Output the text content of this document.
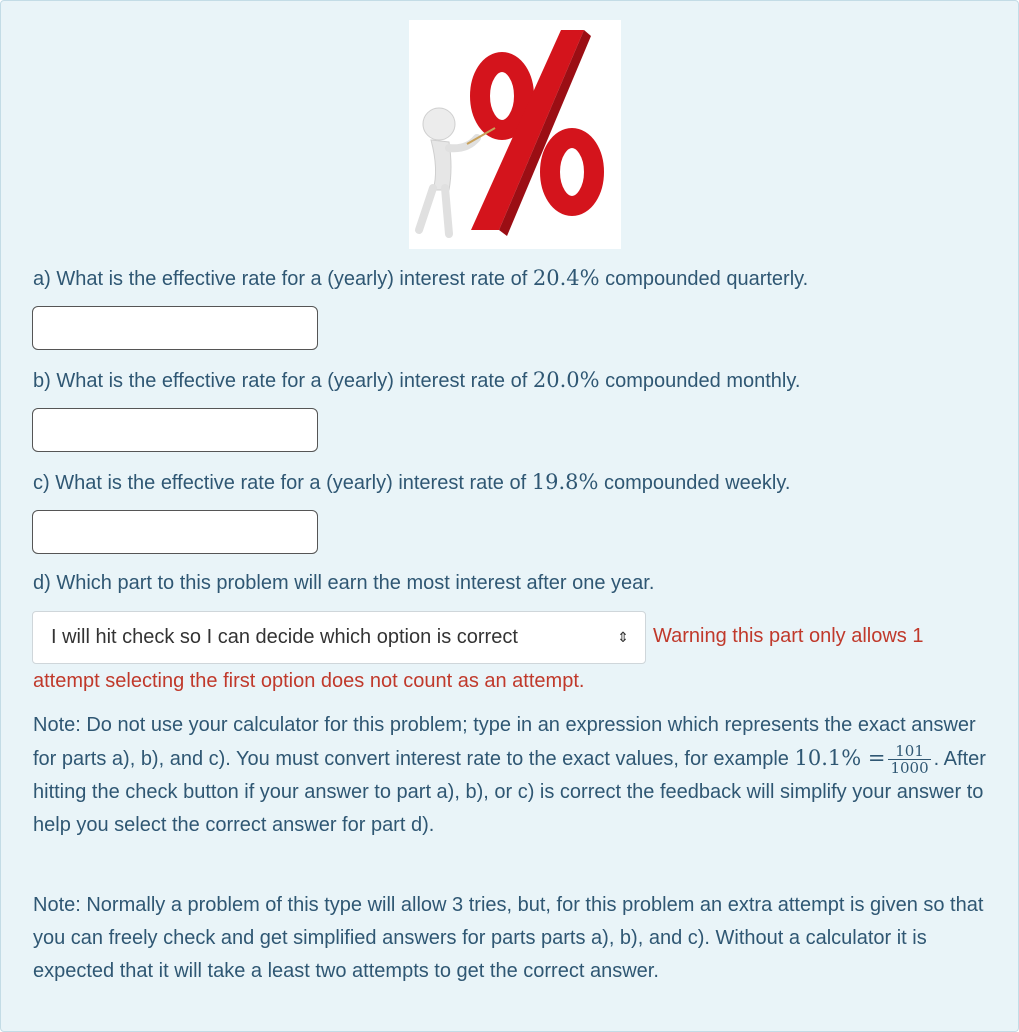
a) What is the effective rate for a (yearly) interest rate of 20.4% compounded quarterly.
b) What is the effective rate for a (yearly) interest rate of 20.0% compounded monthly.
c) What is the effective rate for a (yearly) interest rate of 19.8% compounded weekly.
d) Which part to this problem will earn the most interest after one year.
I will hit check so I can decide which option is correct	⇕ Warning this part only allows 1
attempt selecting the first option does not count as an attempt.
Note: Do not use your calculator for this problem; type in an expression which represents the exact answer for parts a), b), and c). You must convert interest rate to the exact values, for example $10.1\% = \frac{101}{1000}$ . After hitting the check button if your answer to part a), b), or c) is correct the feedback will simplify your answer to help you select the correct answer for part d).
Note: Normally a problem of this type will allow 3 tries, but, for this problem an extra attempt is given so that you can freely check and get simplified answers for parts parts a), b), and c). Without a calculator it is expected that it will take a least two attempts to get the correct answer.
